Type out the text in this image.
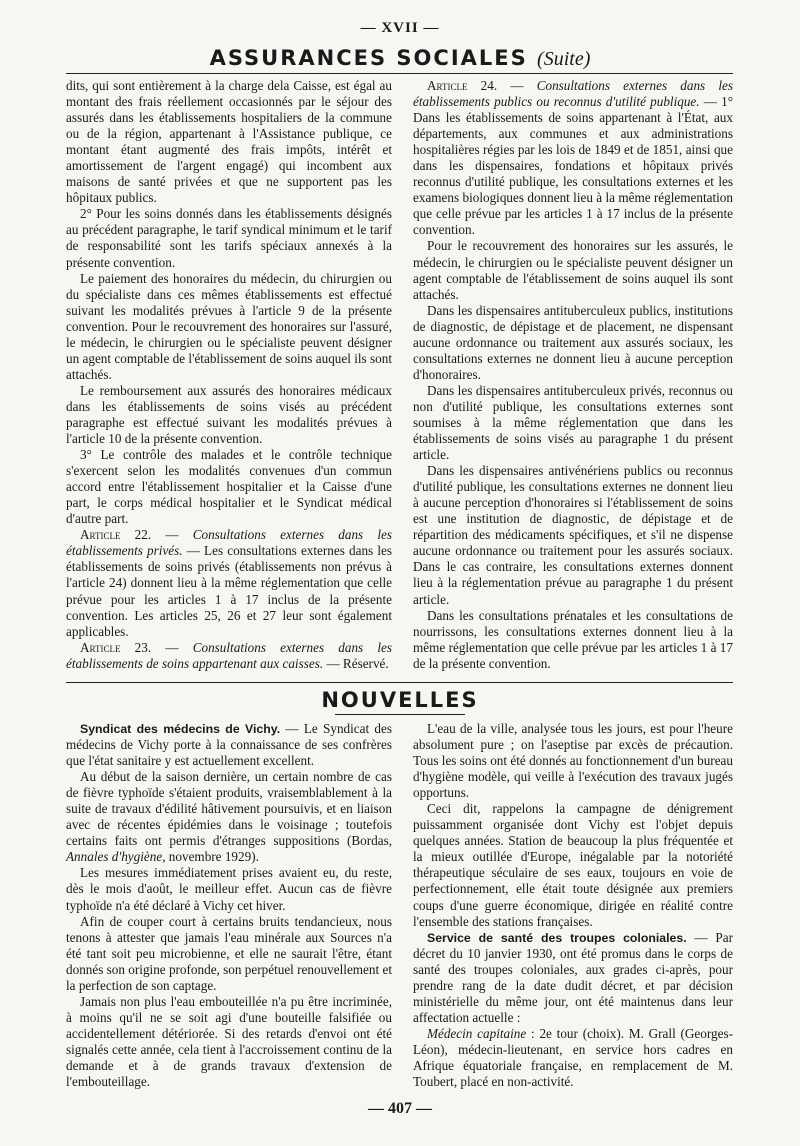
— XVII —
ASSURANCES SOCIALES (Suite)

dits, qui sont entièrement à la charge dela Caisse, est égal au montant des frais réellement occasionnés par le séjour des assurés dans les établissements hospitaliers de la commune ou de la région, appartenant à l'Assistance publique, ce montant étant augmenté des frais impôts, intérêt et amortissement de l'argent engagé) qui incombent aux maisons de santé privées et que ne supportent pas les hôpitaux publics.

2° Pour les soins donnés dans les établissements désignés au précédent paragraphe, le tarif syndical minimum et le tarif de responsabilité sont les tarifs spéciaux annexés à la présente convention.

Le paiement des honoraires du médecin, du chirurgien ou du spécialiste dans ces mêmes établissements est effectué suivant les modalités prévues à l'article 9 de la présente convention. Pour le recouvrement des honoraires sur l'assuré, le médecin, le chirurgien ou le spécialiste peuvent désigner un agent comptable de l'établissement de soins auquel ils sont attachés.

Le remboursement aux assurés des honoraires médicaux dans les établissements de soins visés au précédent paragraphe est effectué suivant les modalités prévues à l'article 10 de la présente convention.

3° Le contrôle des malades et le contrôle technique s'exercent selon les modalités convenues d'un commun accord entre l'établissement hospitalier et la Caisse d'une part, le corps médical hospitalier et le Syndicat médical d'autre part.

Article 22. — Consultations externes dans les établissements privés. — Les consultations externes dans les établissements de soins privés (établissements non prévus à l'article 24) donnent lieu à la même réglementation que celle prévue pour les articles 1 à 17 inclus de la présente convention. Les articles 25, 26 et 27 leur sont également applicables.

Article 23. — Consultations externes dans les établissements de soins appartenant aux caisses. — Réservé.

Article 24. — Consultations externes dans les établissements publics ou reconnus d'utilité publique. — 1° Dans les établissements de soins appartenant à l'État, aux départements, aux communes et aux administrations hospitalières régies par les lois de 1849 et de 1851, ainsi que dans les dispensaires, fondations et hôpitaux privés reconnus d'utilité publique, les consultations externes et les examens biologiques donnent lieu à la même réglementation que celle prévue par les articles 1 à 17 inclus de la présente convention.

Pour le recouvrement des honoraires sur les assurés, le médecin, le chirurgien ou le spécialiste peuvent désigner un agent comptable de l'établissement de soins auquel ils sont attachés.

Dans les dispensaires antituberculeux publics, institutions de diagnostic, de dépistage et de placement, ne dispensant aucune ordonnance ou traitement aux assurés sociaux, les consultations externes ne donnent lieu à aucune perception d'honoraires.

Dans les dispensaires antituberculeux privés, reconnus ou non d'utilité publique, les consultations externes sont soumises à la même réglementation que dans les établissements de soins visés au paragraphe 1 du présent article.

Dans les dispensaires antivénériens publics ou reconnus d'utilité publique, les consultations externes ne donnent lieu à aucune perception d'honoraires si l'établissement de soins est une institution de diagnostic, de dépistage et de répartition des médicaments spécifiques, et s'il ne dispense aucune ordonnance ou traitement pour les assurés sociaux. Dans le cas contraire, les consultations externes donnent lieu à la réglementation prévue au paragraphe 1 du présent article.

Dans les consultations prénatales et les consultations de nourrissons, les consultations externes donnent lieu à la même réglementation que celle prévue par les articles 1 à 17 de la présente convention.

NOUVELLES

Syndicat des médecins de Vichy. — Le Syndicat des médecins de Vichy porte à la connaissance de ses confrères que l'état sanitaire y est actuellement excellent.

Au début de la saison dernière, un certain nombre de cas de fièvre typhoïde s'étaient produits, vraisemblablement à la suite de travaux d'édilité hâtivement poursuivis, et en liaison avec de récentes épidémies dans le voisinage ; toutefois certains faits ont permis d'étranges suppositions (Bordas, Annales d'hygiène, novembre 1929).

Les mesures immédiatement prises avaient eu, du reste, dès le mois d'août, le meilleur effet. Aucun cas de fièvre typhoïde n'a été déclaré à Vichy cet hiver.

Afin de couper court à certains bruits tendancieux, nous tenons à attester que jamais l'eau minérale aux Sources n'a été tant soit peu microbienne, et elle ne saurait l'être, étant donnés son origine profonde, son perpétuel renouvellement et la perfection de son captage.

Jamais non plus l'eau embouteillée n'a pu être incriminée, à moins qu'il ne se soit agi d'une bouteille falsifiée ou accidentellement détériorée. Si des retards d'envoi ont été signalés cette année, cela tient à l'accroissement continu de la demande et à de grands travaux d'extension de l'embouteillage.

L'eau de la ville, analysée tous les jours, est pour l'heure absolument pure ; on l'aseptise par excès de précaution. Tous les soins ont été donnés au fonctionnement d'un bureau d'hygiène modèle, qui veille à l'exécution des travaux jugés opportuns.

Ceci dit, rappelons la campagne de dénigrement puissamment organisée dont Vichy est l'objet depuis quelques années. Station de beaucoup la plus fréquentée et la mieux outillée d'Europe, inégalable par la notoriété thérapeutique séculaire de ses eaux, toujours en voie de perfectionnement, elle était toute désignée aux premiers coups d'une guerre économique, dirigée en réalité contre l'ensemble des stations françaises.

Service de santé des troupes coloniales. — Par décret du 10 janvier 1930, ont été promus dans le corps de santé des troupes coloniales, aux grades ci-après, pour prendre rang de la date dudit décret, et par décision ministérielle du même jour, ont été maintenus dans leur affectation actuelle :

Médecin capitaine : 2e tour (choix). M. Grall (Georges-Léon), médecin-lieutenant, en service hors cadres en Afrique équatoriale française, en remplacement de M. Toubert, placé en non-activité.

— 407 —
